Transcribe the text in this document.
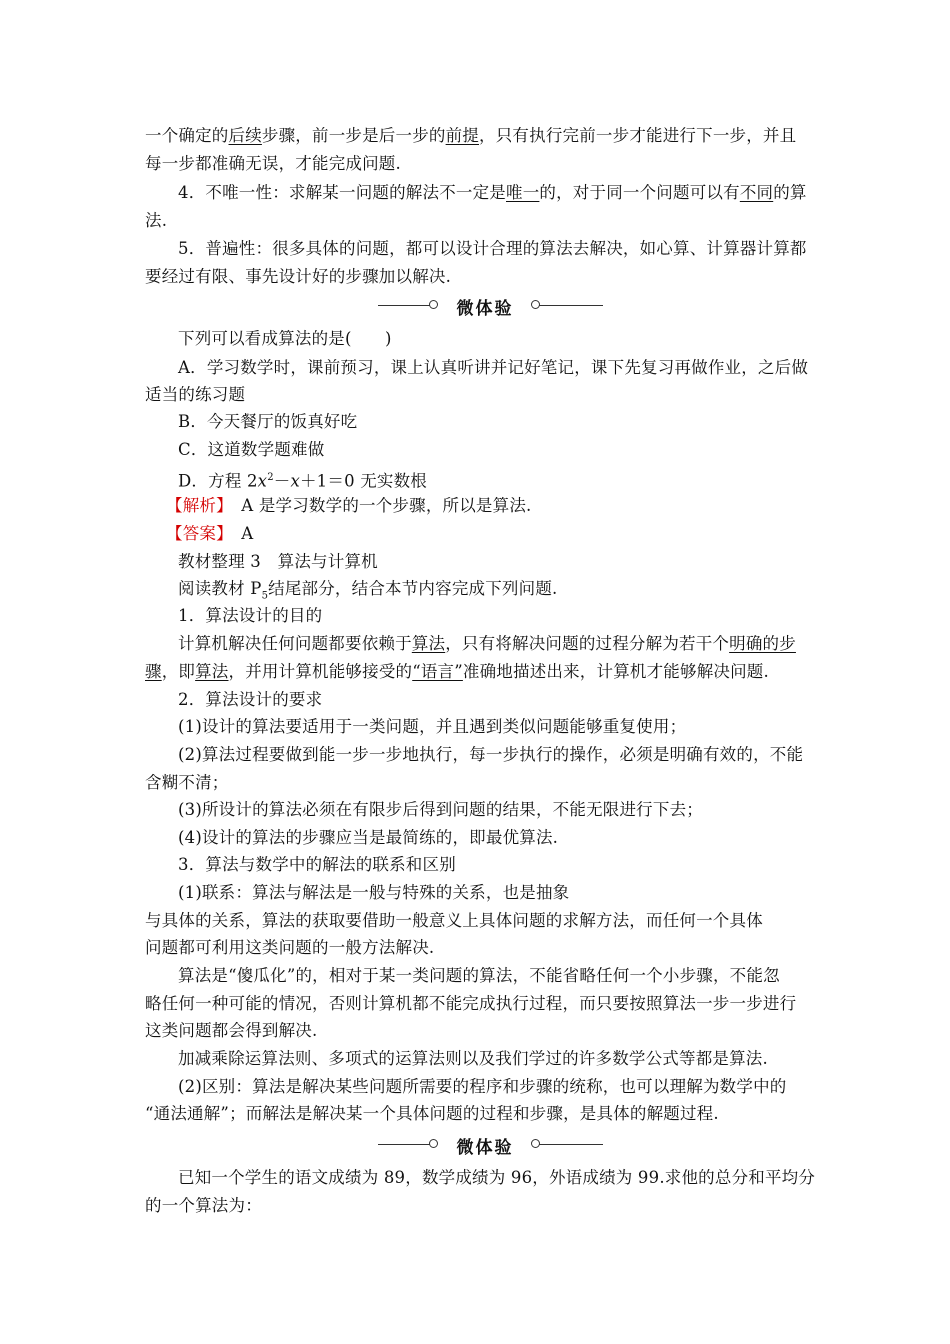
一个确定的后续步骤，前一步是后一步的前提，只有执行完前一步才能进行下一步，并且
每一步都准确无误，才能完成问题.
4．不唯一性：求解某一问题的解法不一定是唯一的，对于同一个问题可以有不同的算
法.
5．普遍性：很多具体的问题，都可以设计合理的算法去解决，如心算、计算器计算都
要经过有限、事先设计好的步骤加以解决.
微体验
下列可以看成算法的是(　　)
A．学习数学时，课前预习，课上认真听讲并记好笔记，课下先复习再做作业，之后做
适当的练习题
B．今天餐厅的饭真好吃
C．这道数学题难做
D．方程 $2x^2-x+1=0$ 无实数根
【解析】　 A 是学习数学的一个步骤，所以是算法.
【答案】　 A
教材整理 3　算法与计算机
阅读教材 $P_5$结尾部分，结合本节内容完成下列问题.
1．算法设计的目的
计算机解决任何问题都要依赖于算法，只有将解决问题的过程分解为若干个明确的步
骤，即算法，并用计算机能够接受的“语言”准确地描述出来，计算机才能够解决问题.
2．算法设计的要求
(1)设计的算法要适用于一类问题，并且遇到类似问题能够重复使用；
(2)算法过程要做到能一步一步地执行，每一步执行的操作，必须是明确有效的，不能
含糊不清；
(3)所设计的算法必须在有限步后得到问题的结果，不能无限进行下去；
(4)设计的算法的步骤应当是最简练的，即最优算法.
3．算法与数学中的解法的联系和区别
(1)联系：算法与解法是一般与特殊的关系，也是抽象
与具体的关系，算法的获取要借助一般意义上具体问题的求解方法，而任何一个具体
问题都可利用这类问题的一般方法解决.
算法是“傻瓜化”的，相对于某一类问题的算法，不能省略任何一个小步骤，不能忽
略任何一种可能的情况，否则计算机都不能完成执行过程，而只要按照算法一步一步进行
这类问题都会得到解决.
加减乘除运算法则、多项式的运算法则以及我们学过的许多数学公式等都是算法.
(2)区别：算法是解决某些问题所需要的程序和步骤的统称，也可以理解为数学中的
“通法通解”；而解法是解决某一个具体问题的过程和步骤，是具体的解题过程.
微体验
已知一个学生的语文成绩为 89，数学成绩为 96，外语成绩为 99.求他的总分和平均分
的一个算法为：
